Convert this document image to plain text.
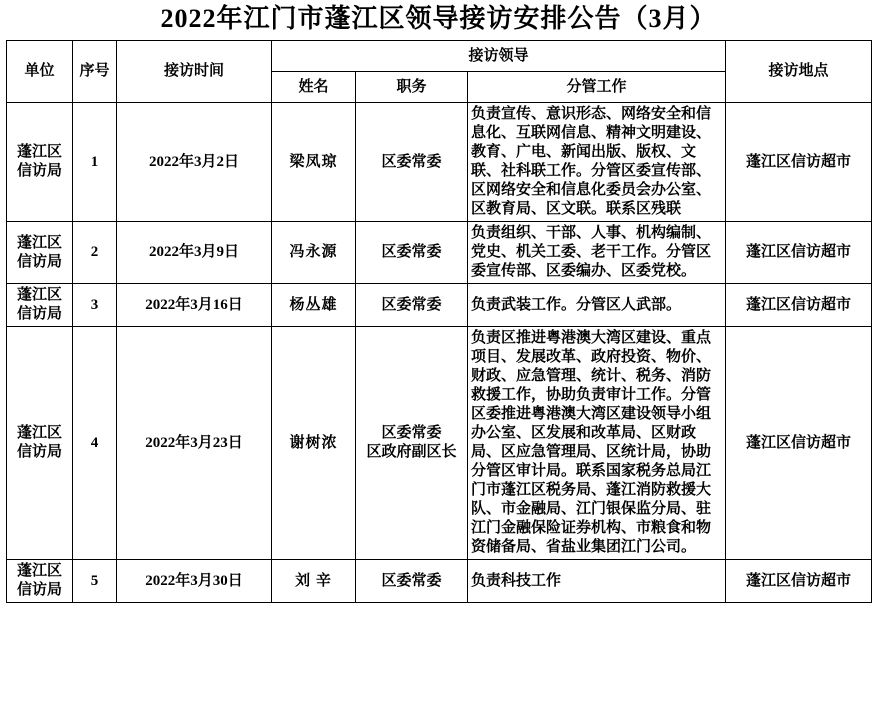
2022年江门市蓬江区领导接访安排公告（3月）
单位	序号	接访时间	接访领导			接访地点
			姓名	职务	分管工作	

蓬江区
信访局	1	2022年3月2日	梁凤琼	区委常委	负责宣传、意识形态、网络安全和信息化、互联网信息、精神文明建设、教育、广电、新闻出版、版权、文联、社科联工作。分管区委宣传部、区网络安全和信息化委员会办公室、区教育局、区文联。联系区残联	蓬江区信访超市

蓬江区
信访局	2	2022年3月9日	冯永源	区委常委	负责组织、干部、人事、机构编制、党史、机关工委、老干工作。分管区委宣传部、区委编办、区委党校。	蓬江区信访超市

蓬江区
信访局	3	2022年3月16日	杨丛雄	区委常委	负责武装工作。分管区人武部。	蓬江区信访超市

蓬江区
信访局	4	2022年3月23日	谢树浓	区委常委
区政府副区长	负责区推进粤港澳大湾区建设、重点项目、发展改革、政府投资、物价、财政、应急管理、统计、税务、消防救援工作，协助负责审计工作。分管区委推进粤港澳大湾区建设领导小组办公室、区发展和改革局、区财政局、区应急管理局、区统计局，协助分管区审计局。联系国家税务总局江门市蓬江区税务局、蓬江消防救援大队、市金融局、江门银保监分局、驻江门金融保险证券机构、市粮食和物资储备局、省盐业集团江门公司。	蓬江区信访超市

蓬江区
信访局	5	2022年3月30日	刘 辛	区委常委	负责科技工作	蓬江区信访超市
